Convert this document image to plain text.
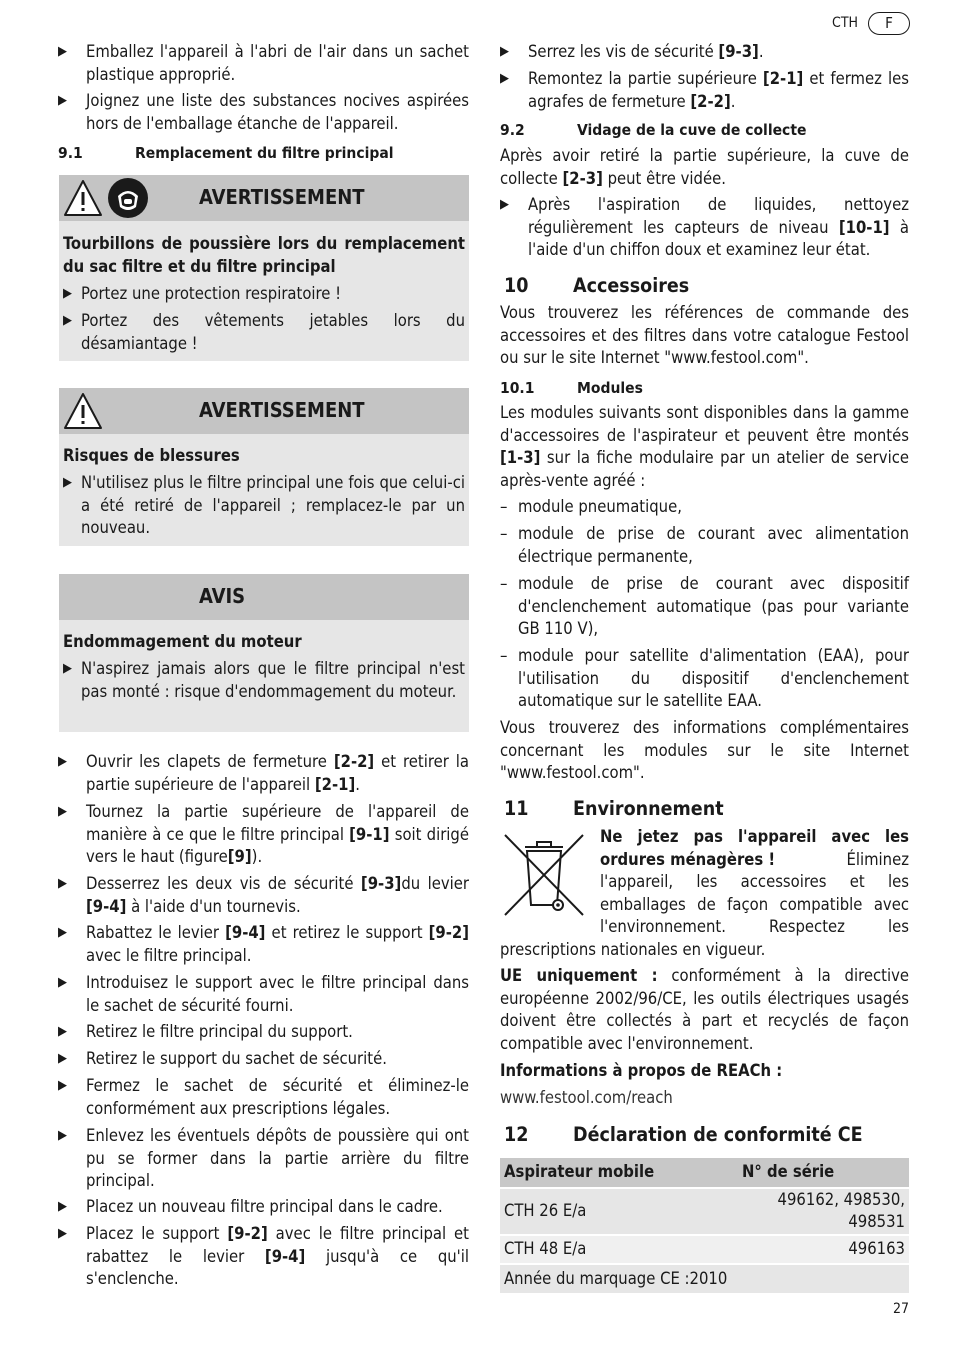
CTH	F
▶	Emballez l'appareil à l'abri de l'air dans un sachet plastique approprié.
▶	Joignez une liste des substances nocives aspirées hors de l'emballage étanche de l'appareil.
9.1	Remplacement du filtre principal
AVERTISSEMENT
Tourbillons de poussière lors du remplacement du sac filtre et du filtre principal
▶ Portez une protection respiratoire !
▶ Portez des vêtements jetables lors du désamiantage !
AVERTISSEMENT
Risques de blessures
▶ N'utilisez plus le filtre principal une fois que celui-ci a été retiré de l'appareil ; remplacez-le par un nouveau.
AVIS
Endommagement du moteur
▶ N'aspirez jamais alors que le filtre principal n'est pas monté : risque d'endommagement du moteur.
▶	Ouvrir les clapets de fermeture [2-2] et retirer la partie supérieure de l'appareil [2-1].
▶	Tournez la partie supérieure de l'appareil de manière à ce que le filtre principal [9-1] soit dirigé vers le haut (figure[9]).
▶	Desserrez les deux vis de sécurité [9-3]du levier [9-4] à l'aide d'un tournevis.
▶	Rabattez le levier [9-4] et retirez le support [9-2] avec le filtre principal.
▶	Introduisez le support avec le filtre principal dans le sachet de sécurité fourni.
▶	Retirez le filtre principal du support.
▶	Retirez le support du sachet de sécurité.
▶	Fermez le sachet de sécurité et éliminez-le conformément aux prescriptions légales.
▶	Enlevez les éventuels dépôts de poussière qui ont pu se former dans la partie arrière du filtre principal.
▶	Placez un nouveau filtre principal dans le cadre.
▶	Placez le support [9-2] avec le filtre principal et rabattez le levier [9-4] jusqu'à ce qu'il s'enclenche.
▶	Serrez les vis de sécurité [9-3].
▶	Remontez la partie supérieure [2-1] et fermez les agrafes de fermeture [2-2].
9.2	Vidage de la cuve de collecte
Après avoir retiré la partie supérieure, la cuve de collecte [2-3] peut être vidée.
▶	Après l'aspiration de liquides, nettoyez régulièrement les capteurs de niveau [10-1] à l'aide d'un chiffon doux et examinez leur état.
10	Accessoires
Vous trouverez les références de commande des accessoires et des filtres dans votre catalogue Festool ou sur le site Internet "www.festool.com".
10.1	Modules
Les modules suivants sont disponibles dans la gamme d'accessoires de l'aspirateur et peuvent être montés [1-3] sur la fiche modulaire par un atelier de service après-vente agréé :
– module pneumatique,
– module de prise de courant avec alimentation électrique permanente,
– module de prise de courant avec dispositif d'enclenchement automatique (pas pour variante GB 110 V),
– module pour satellite d'alimentation (EAA), pour l'utilisation du dispositif d'enclenchement automatique sur le satellite EAA.
Vous trouverez des informations complémentaires concernant les modules sur le site Internet "www.festool.com".
11	Environnement
Ne jetez pas l'appareil avec les ordures ménagères !	Éliminez l'appareil, les accessoires et les emballages de façon compatible avec l'environnement. Respectez les prescriptions nationales en vigueur.
UE uniquement : conformément à la directive européenne 2002/96/CE, les outils électriques usagés doivent être collectés à part et recyclés de façon compatible avec l'environnement.
Informations à propos de REACh :
www.festool.com/reach
12	Déclaration de conformité CE
Aspirateur mobile	N° de série
CTH 26 E/a	496162, 498530, 498531
CTH 48 E/a	496163
Année du marquage CE :2010	
27
